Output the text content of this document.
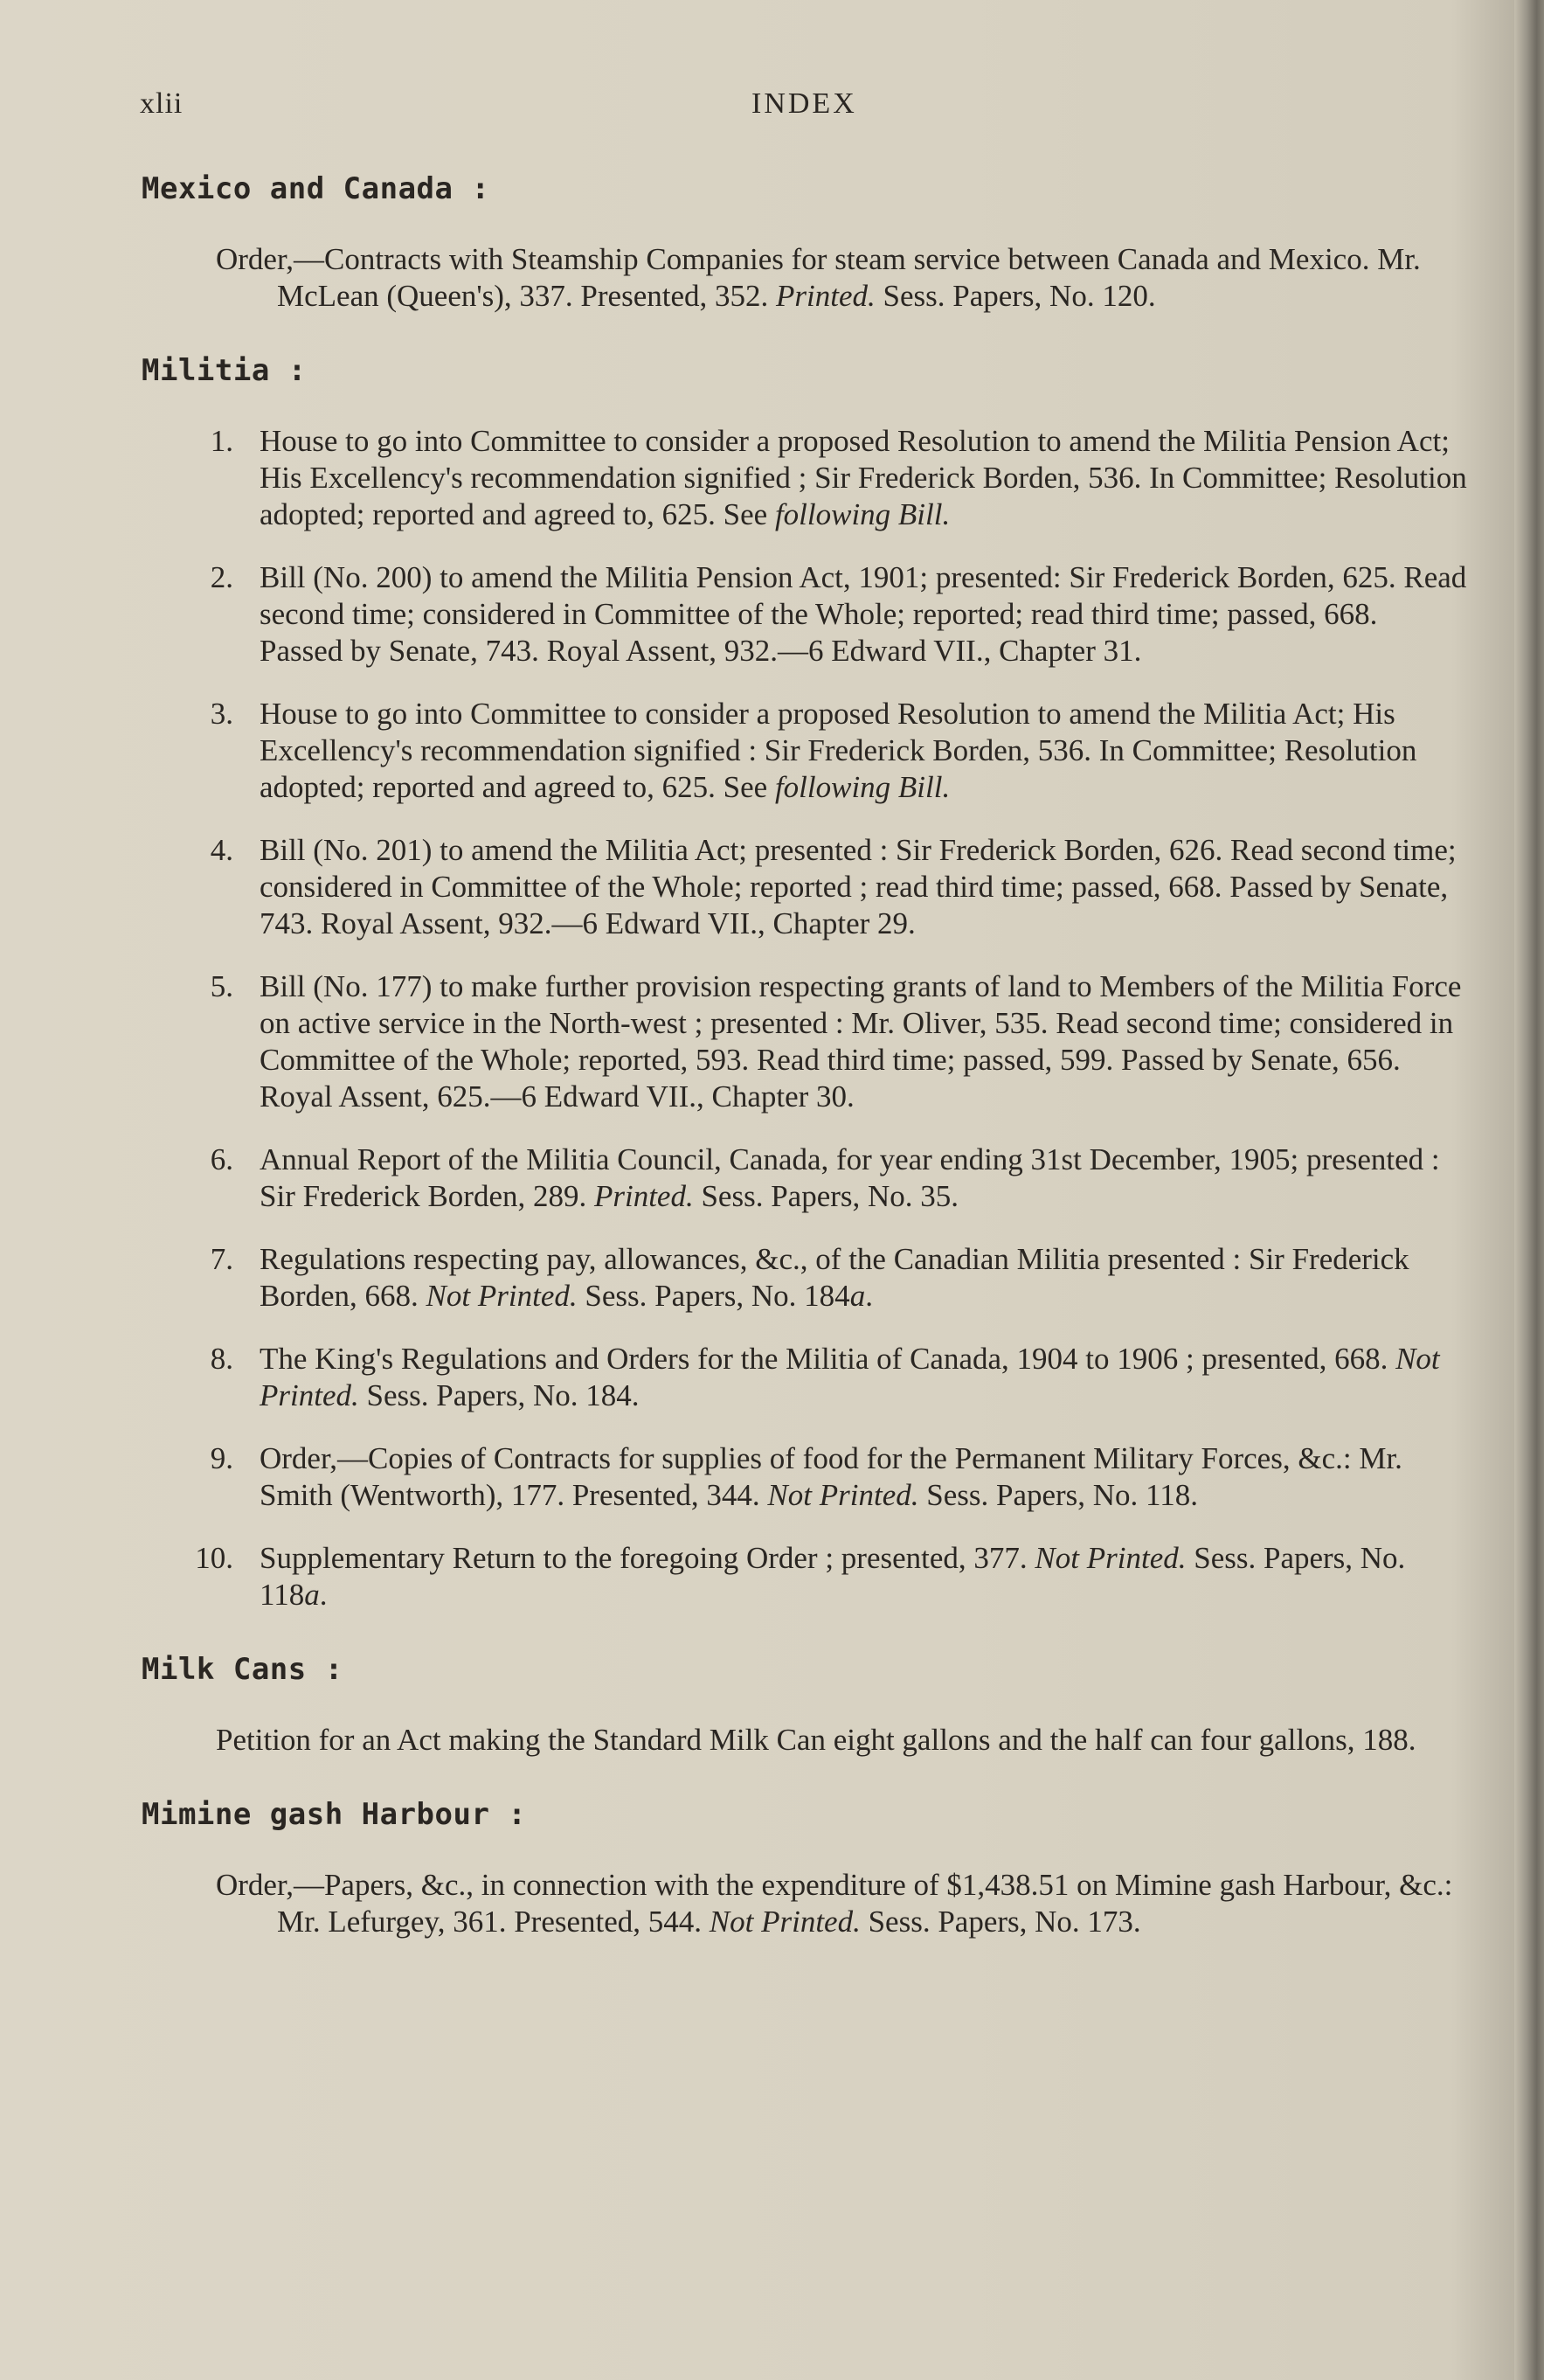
xlii	INDEX
Mexico and Canada :
Order,—Contracts with Steamship Companies for steam service between Canada and Mexico. Mr. McLean (Queen's), 337. Presented, 352. Printed. Sess. Papers, No. 120.
Militia :
1. House to go into Committee to consider a proposed Resolution to amend the Militia Pension Act; His Excellency's recommendation signified ; Sir Frederick Borden, 536. In Committee; Resolution adopted; reported and agreed to, 625. See following Bill.
2. Bill (No. 200) to amend the Militia Pension Act, 1901; presented: Sir Frederick Borden, 625. Read second time; considered in Committee of the Whole; reported; read third time; passed, 668. Passed by Senate, 743. Royal Assent, 932.—6 Edward VII., Chapter 31.
3. House to go into Committee to consider a proposed Resolution to amend the Militia Act; His Excellency's recommendation signified : Sir Frederick Borden, 536. In Committee; Resolution adopted; reported and agreed to, 625. See following Bill.
4. Bill (No. 201) to amend the Militia Act; presented : Sir Frederick Borden, 626. Read second time; considered in Committee of the Whole; reported ; read third time; passed, 668. Passed by Senate, 743. Royal Assent, 932.—6 Edward VII., Chapter 29.
5. Bill (No. 177) to make further provision respecting grants of land to Members of the Militia Force on active service in the North-west ; presented : Mr. Oliver, 535. Read second time; considered in Committee of the Whole; reported, 593. Read third time; passed, 599. Passed by Senate, 656. Royal Assent, 625.—6 Edward VII., Chapter 30.
6. Annual Report of the Militia Council, Canada, for year ending 31st December, 1905; presented : Sir Frederick Borden, 289. Printed. Sess. Papers, No. 35.
7. Regulations respecting pay, allowances, &c., of the Canadian Militia presented : Sir Frederick Borden, 668. Not Printed. Sess. Papers, No. 184a.
8. The King's Regulations and Orders for the Militia of Canada, 1904 to 1906 ; presented, 668. Not Printed. Sess. Papers, No. 184.
9. Order,—Copies of Contracts for supplies of food for the Permanent Military Forces, &c.: Mr. Smith (Wentworth), 177. Presented, 344. Not Printed. Sess. Papers, No. 118.
10. Supplementary Return to the foregoing Order ; presented, 377. Not Printed. Sess. Papers, No. 118a.
Milk Cans :
Petition for an Act making the Standard Milk Can eight gallons and the half can four gallons, 188.
Mimine gash Harbour :
Order,—Papers, &c., in connection with the expenditure of $1,438.51 on Mimine gash Harbour, &c.: Mr. Lefurgey, 361. Presented, 544. Not Printed. Sess. Papers, No. 173.
